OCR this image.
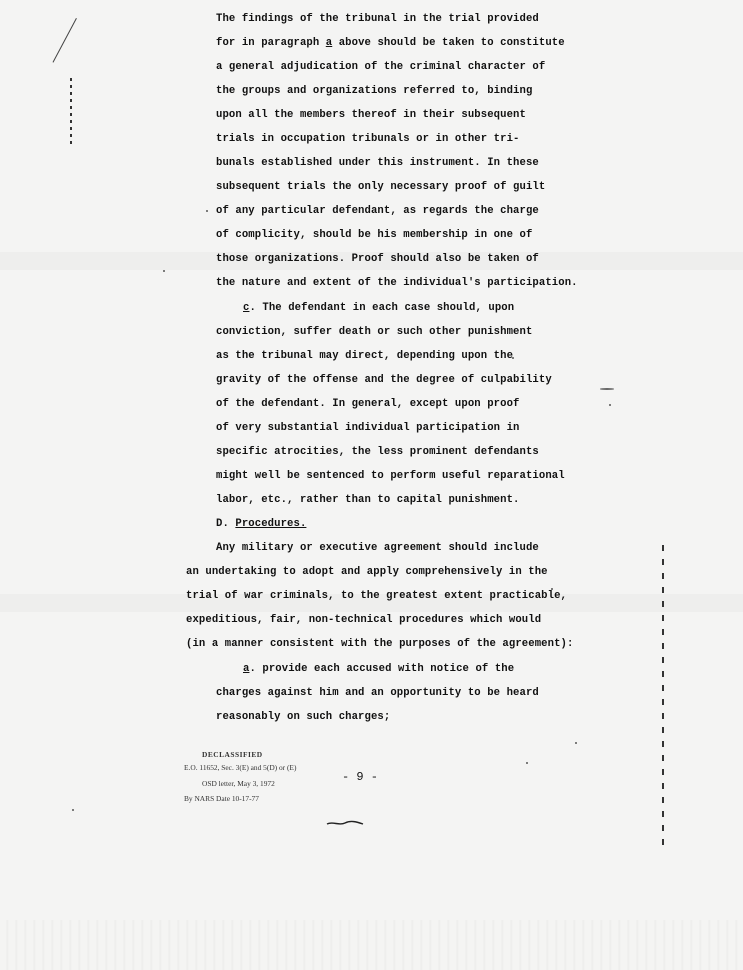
The findings of the tribunal in the trial provided
for in paragraph a above should be taken to constitute
a general adjudication of the criminal character of
the groups and organizations referred to, binding
upon all the members thereof in their subsequent
trials in occupation tribunals or in other tri-
bunals established under this instrument. In these
subsequent trials the only necessary proof of guilt
of any particular defendant, as regards the charge
of complicity, should be his membership in one of
those organizations. Proof should also be taken of
the nature and extent of the individual's participation.
c. The defendant in each case should, upon
conviction, suffer death or such other punishment
as the tribunal may direct, depending upon the
gravity of the offense and the degree of culpability
of the defendant. In general, except upon proof
of very substantial individual participation in
specific atrocities, the less prominent defendants
might well be sentenced to perform useful reparational
labor, etc., rather than to capital punishment.
D. Procedures.
Any military or executive agreement should include
an undertaking to adopt and apply comprehensively in the
trial of war criminals, to the greatest extent practicable,
expeditious, fair, non-technical procedures which would
(in a manner consistent with the purposes of the agreement):
a. provide each accused with notice of the
charges against him and an opportunity to be heard
reasonably on such charges;
DECLASSIFIED
E.O. 11652, Sec. 3(E) and 5(D) or (E)
OSD letter, May 3, 1972
By NARS Date 10-17-77
- 9 -
